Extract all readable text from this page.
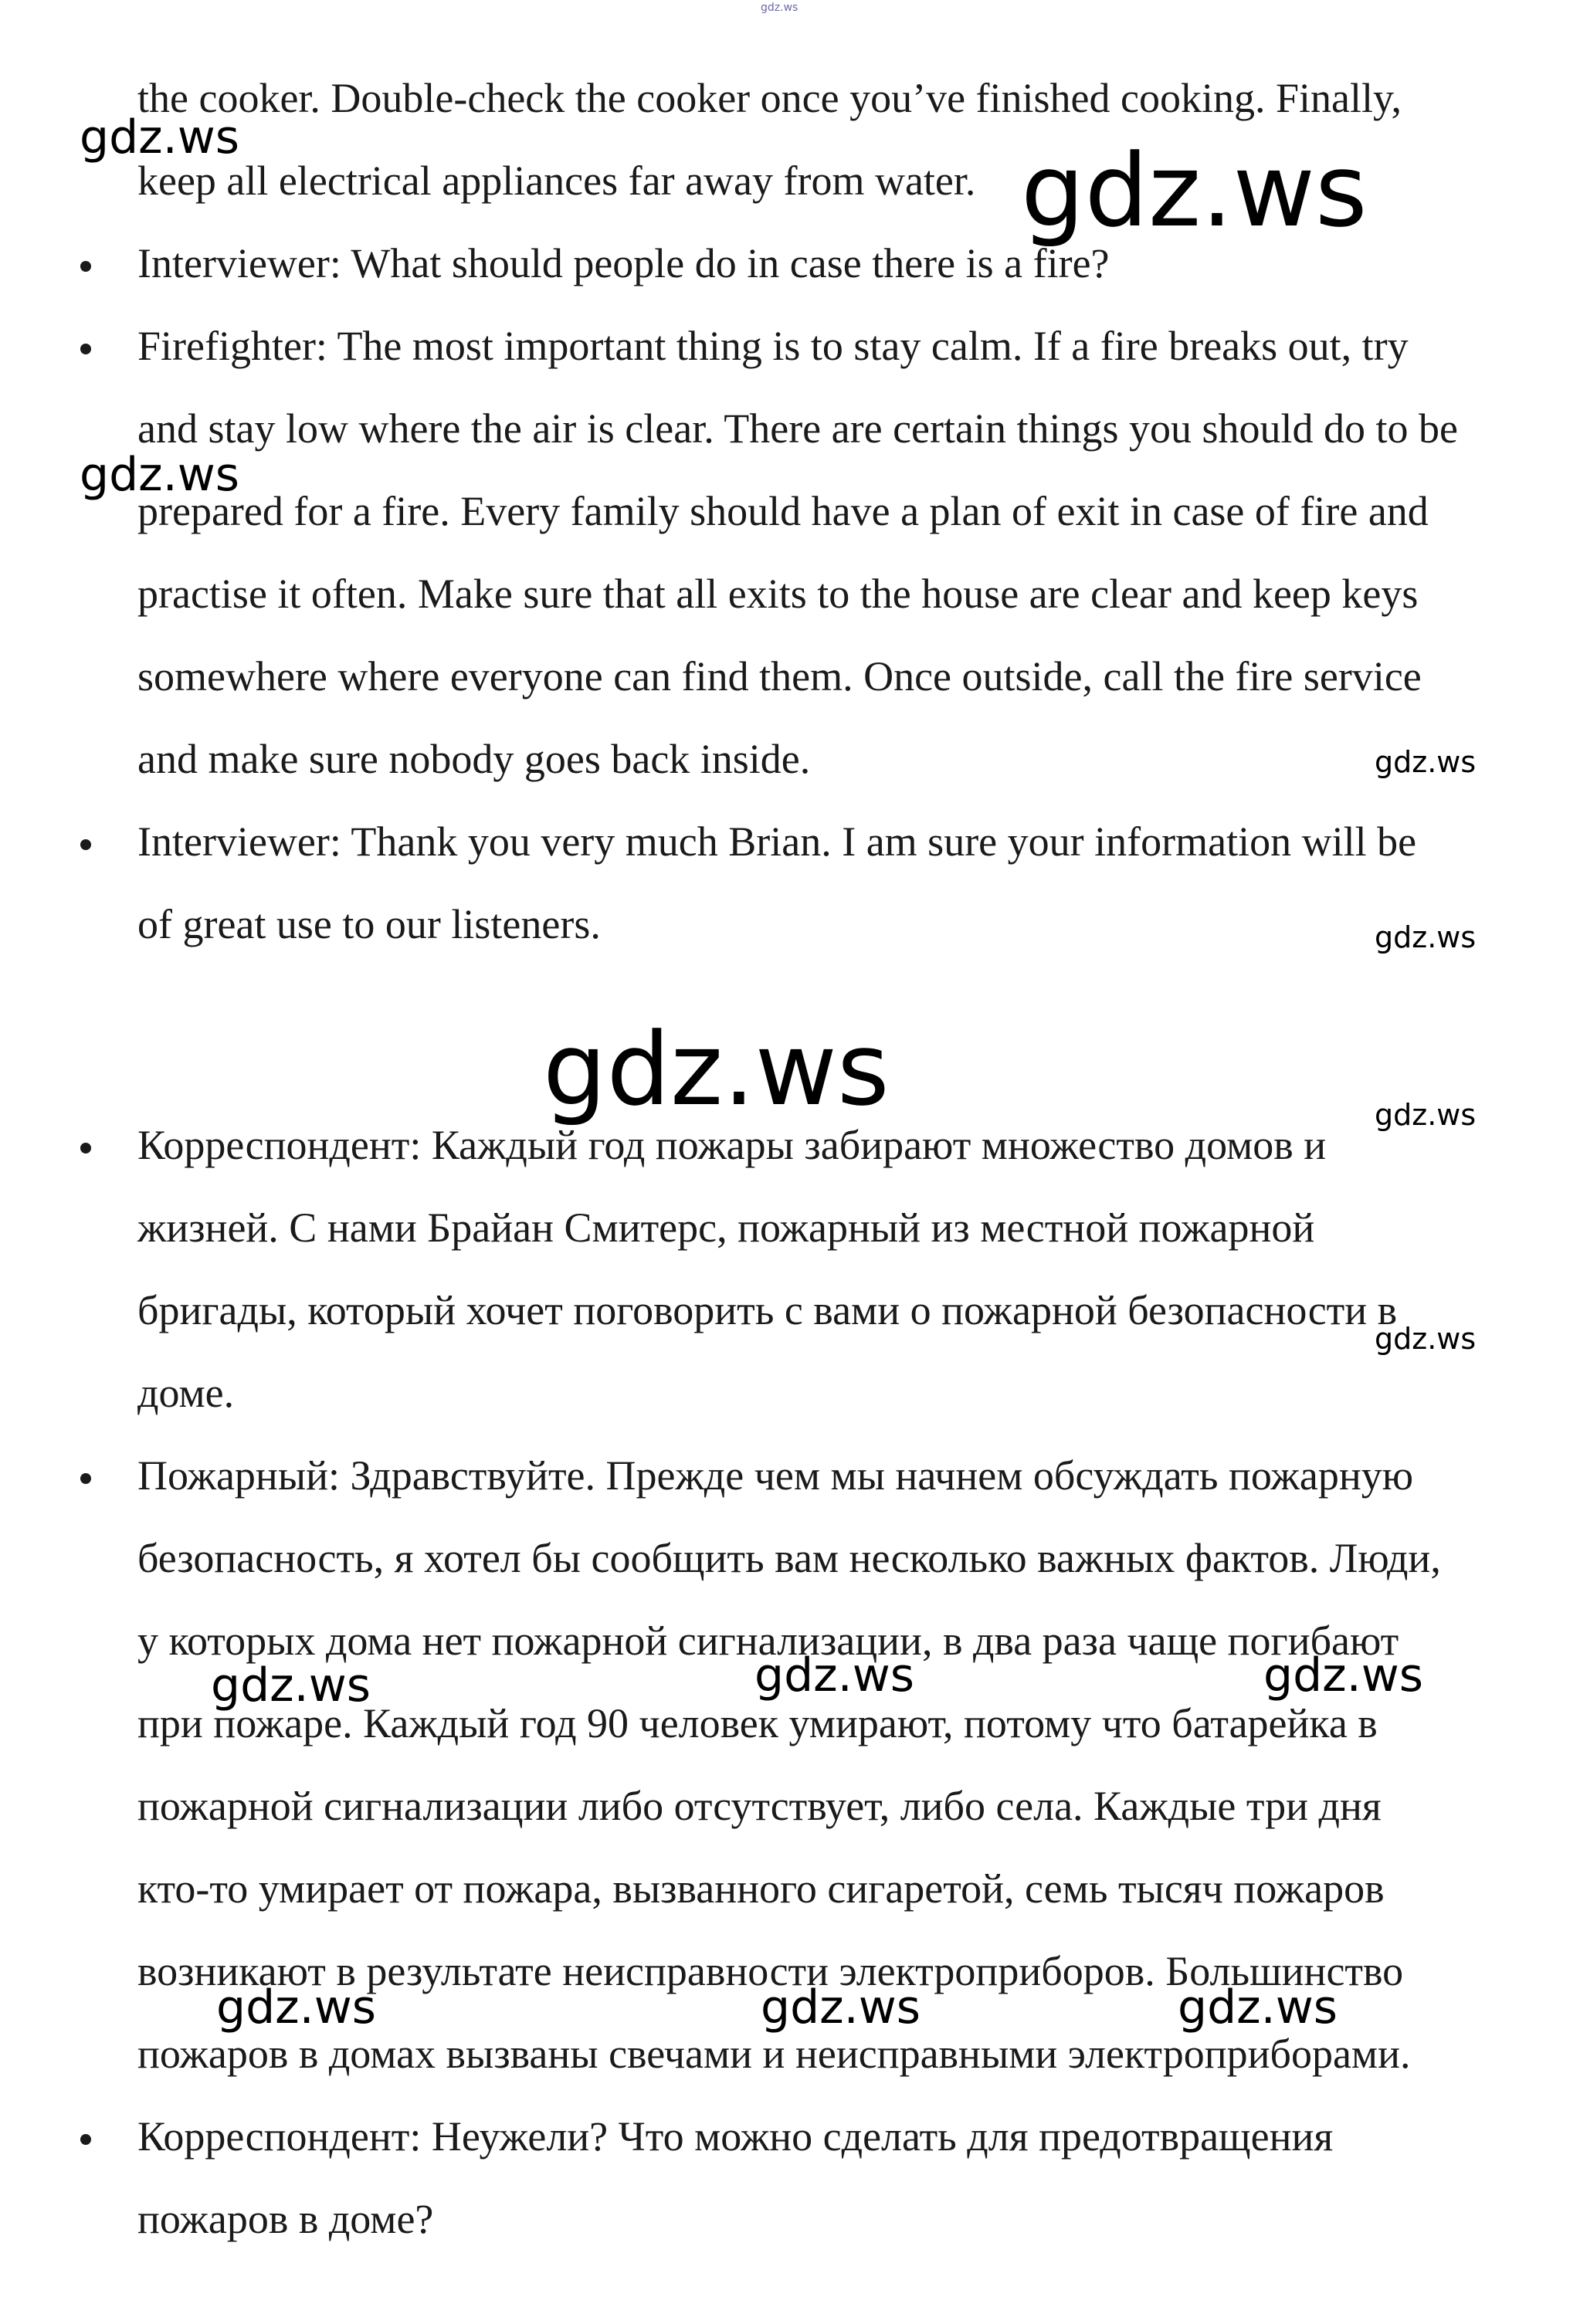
gdz.ws
the cooker. Double-check the cooker once you’ve finished cooking. Finally,
keep all electrical appliances far away from water.
Interviewer: What should people do in case there is a fire?
Firefighter: The most important thing is to stay calm. If a fire breaks out, try
and stay low where the air is clear. There are certain things you should do to be
prepared for a fire. Every family should have a plan of exit in case of fire and
practise it often. Make sure that all exits to the house are clear and keep keys
somewhere where everyone can find them. Once outside, call the fire service
and make sure nobody goes back inside.
Interviewer: Thank you very much Brian. I am sure your information will be
of great use to our listeners.
Корреспондент: Каждый год пожары забирают множество домов и
жизней. С нами Брайан Смитерс, пожарный из местной пожарной
бригады, который хочет поговорить с вами о пожарной безопасности в
доме.
Пожарный: Здравствуйте. Прежде чем мы начнем обсуждать пожарную
безопасность, я хотел бы сообщить вам несколько важных фактов. Люди,
у которых дома нет пожарной сигнализации, в два раза чаще погибают
при пожаре. Каждый год 90 человек умирают, потому что батарейка в
пожарной сигнализации либо отсутствует, либо села. Каждые три дня
кто-то умирает от пожара, вызванного сигаретой, семь тысяч пожаров
возникают в результате неисправности электроприборов. Большинство
пожаров в домах вызваны свечами и неисправными электроприборами.
Корреспондент: Неужели? Что можно сделать для предотвращения
пожаров в доме?
gdz.ws	gdz.ws
gdz.ws
gdz.ws
gdz.ws
gdz.ws	gdz.ws
gdz.ws
gdz.ws	gdz.ws	gdz.ws
gdz.ws	gdz.ws	gdz.ws
